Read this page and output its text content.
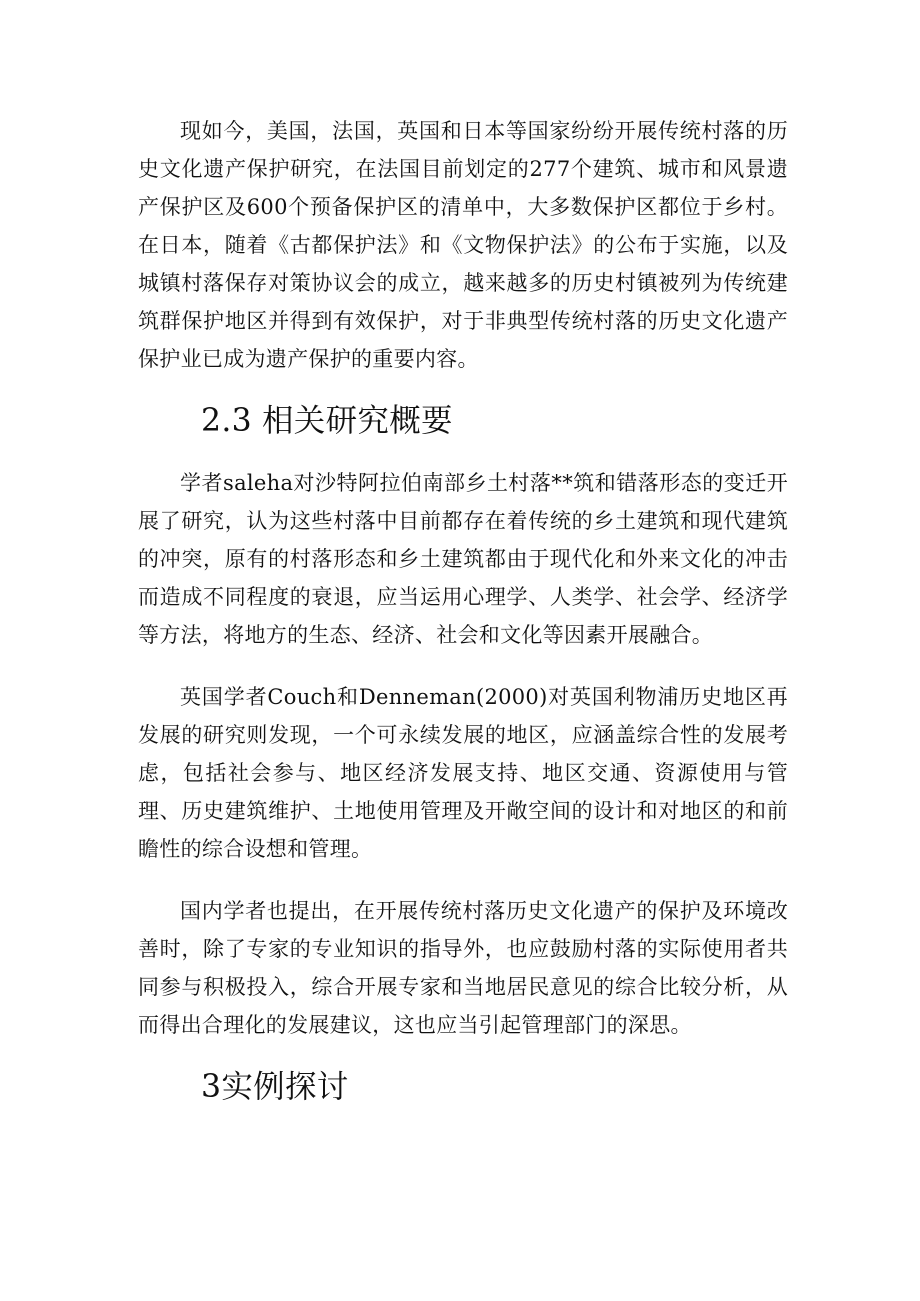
现如今，美国，法国，英国和日本等国家纷纷开展传统村落的历史文化遗产保护研究，在法国目前划定的277个建筑、城市和风景遗产保护区及600个预备保护区的清单中，大多数保护区都位于乡村。在日本，随着《古都保护法》和《文物保护法》的公布于实施，以及城镇村落保存对策协议会的成立，越来越多的历史村镇被列为传统建筑群保护地区并得到有效保护，对于非典型传统村落的历史文化遗产保护业已成为遗产保护的重要内容。

2.3 相关研究概要

学者saleha对沙特阿拉伯南部乡土村落**筑和错落形态的变迁开展了研究，认为这些村落中目前都存在着传统的乡土建筑和现代建筑的冲突，原有的村落形态和乡土建筑都由于现代化和外来文化的冲击而造成不同程度的衰退，应当运用心理学、人类学、社会学、经济学等方法，将地方的生态、经济、社会和文化等因素开展融合。

英国学者Couch和Denneman(2000)对英国利物浦历史地区再发展的研究则发现，一个可永续发展的地区，应涵盖综合性的发展考虑，包括社会参与、地区经济发展支持、地区交通、资源使用与管理、历史建筑维护、土地使用管理及开敞空间的设计和对地区的和前瞻性的综合设想和管理。

国内学者也提出，在开展传统村落历史文化遗产的保护及环境改善时，除了专家的专业知识的指导外，也应鼓励村落的实际使用者共同参与积极投入，综合开展专家和当地居民意见的综合比较分析，从而得出合理化的发展建议，这也应当引起管理部门的深思。

3实例探讨
